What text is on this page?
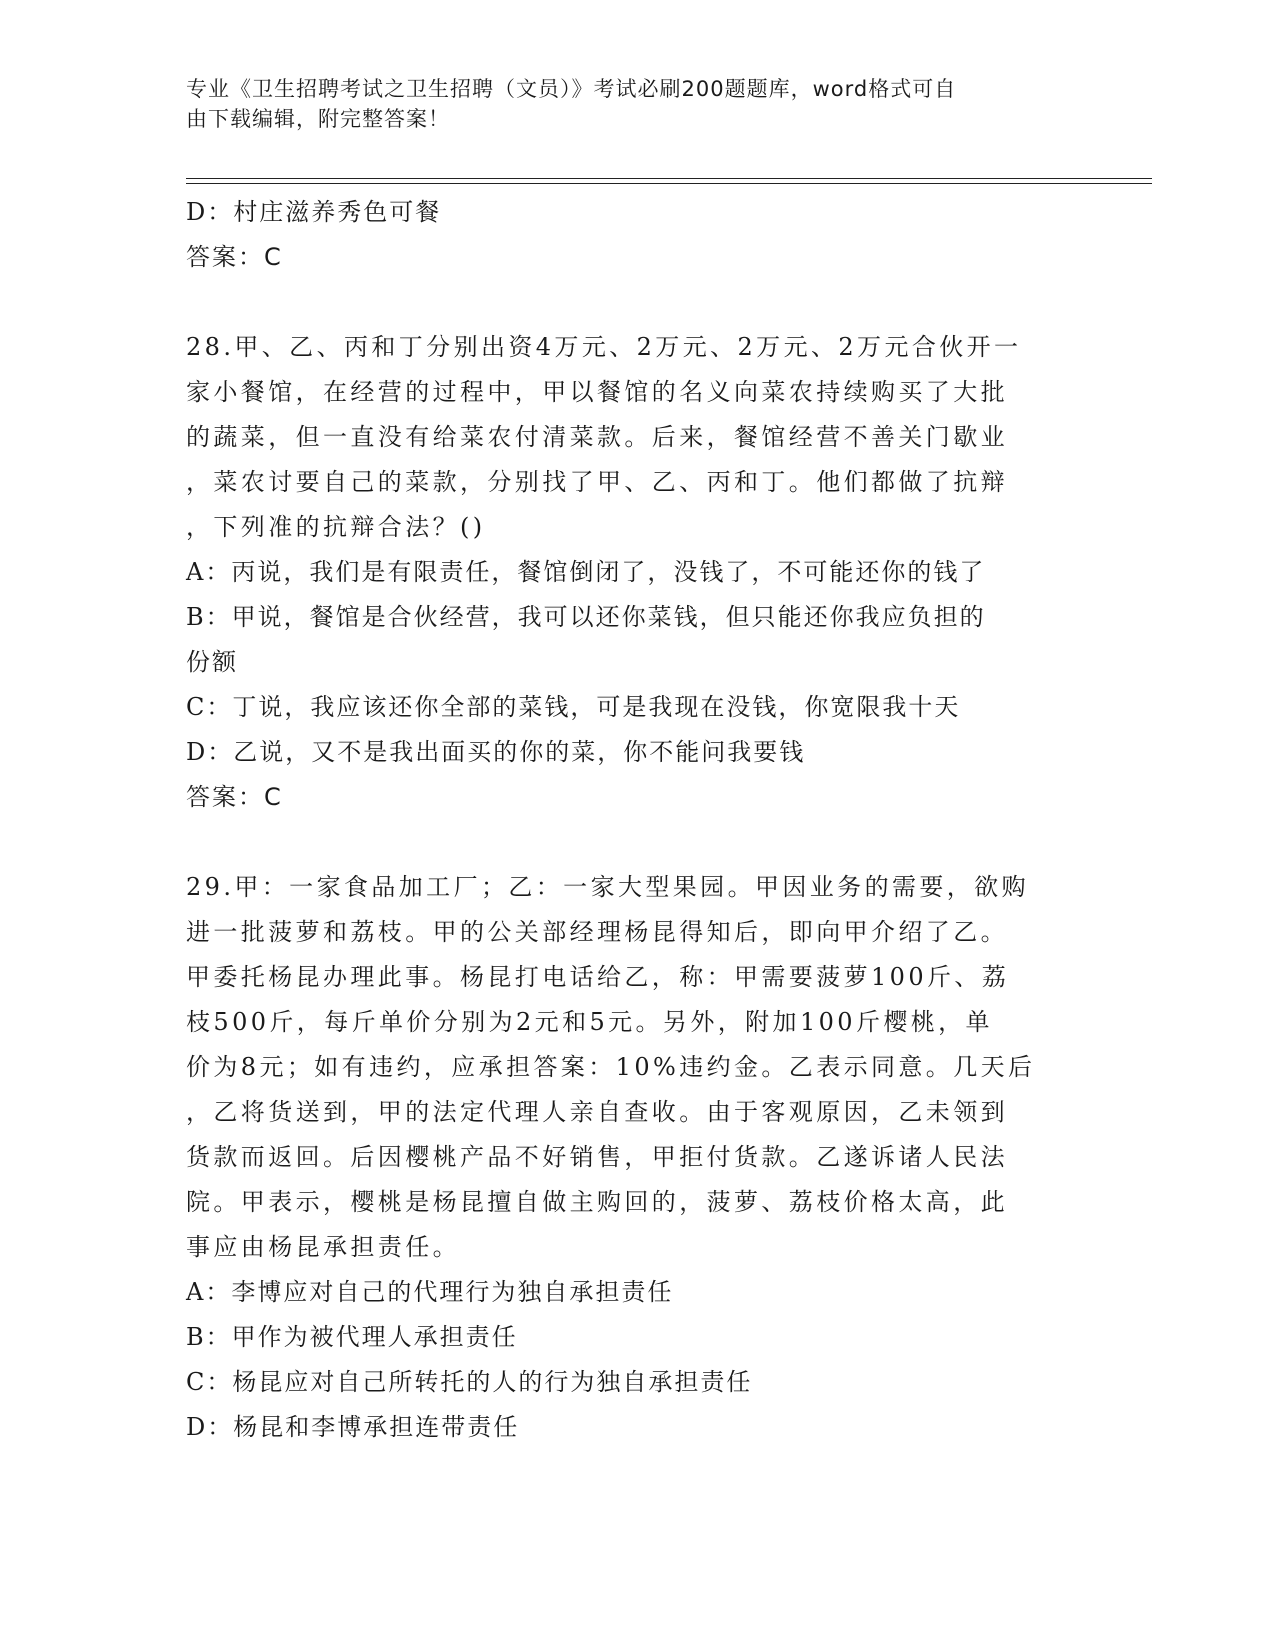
专业《卫生招聘考试之卫生招聘（文员）》考试必刷200题题库，word格式可自
由下载编辑，附完整答案！

D：村庄滋养秀色可餐

答案：C

28.甲、乙、丙和丁分别出资4万元、2万元、2万元、2万元合伙开一

家小餐馆，在经营的过程中，甲以餐馆的名义向菜农持续购买了大批

的蔬菜，但一直没有给菜农付清菜款。后来，餐馆经营不善关门歇业

，菜农讨要自己的菜款，分别找了甲、乙、丙和丁。他们都做了抗辩

，下列准的抗辩合法？()

A：丙说，我们是有限责任，餐馆倒闭了，没钱了，不可能还你的钱了

B：甲说，餐馆是合伙经营，我可以还你菜钱，但只能还你我应负担的

份额

C：丁说，我应该还你全部的菜钱，可是我现在没钱，你宽限我十天

D：乙说，又不是我出面买的你的菜，你不能问我要钱

答案：C

29.甲：一家食品加工厂；乙：一家大型果园。甲因业务的需要，欲购

进一批菠萝和荔枝。甲的公关部经理杨昆得知后，即向甲介绍了乙。

甲委托杨昆办理此事。杨昆打电话给乙，称：甲需要菠萝100斤、荔

枝500斤，每斤单价分别为2元和5元。另外，附加100斤樱桃，单

价为8元；如有违约，应承担答案：10%违约金。乙表示同意。几天后

，乙将货送到，甲的法定代理人亲自查收。由于客观原因，乙未领到

货款而返回。后因樱桃产品不好销售，甲拒付货款。乙遂诉诸人民法

院。甲表示，樱桃是杨昆擅自做主购回的，菠萝、荔枝价格太高，此

事应由杨昆承担责任。

A：李博应对自己的代理行为独自承担责任

B：甲作为被代理人承担责任

C：杨昆应对自己所转托的人的行为独自承担责任

D：杨昆和李博承担连带责任
